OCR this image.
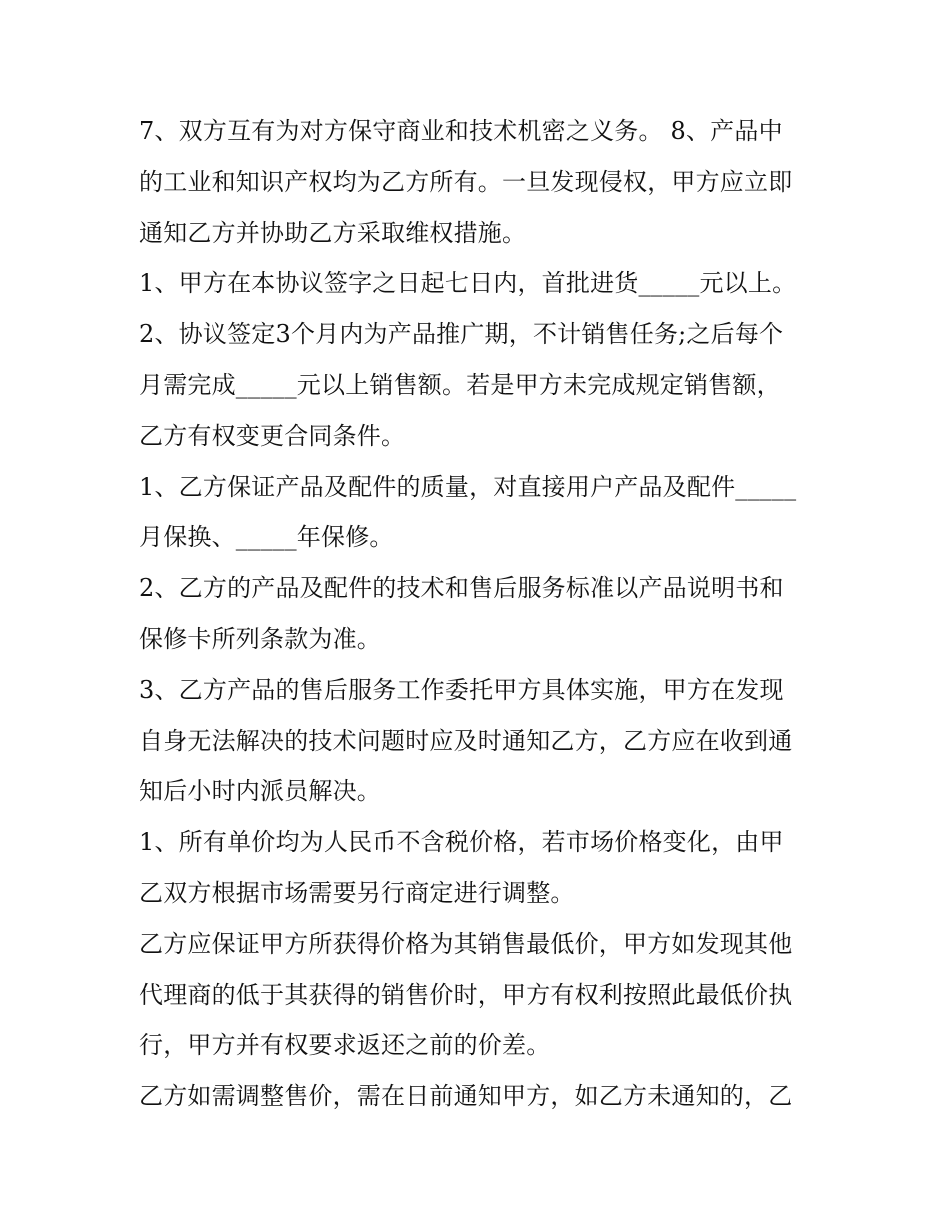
7、双方互有为对方保守商业和技术机密之义务。 8、产品中
的工业和知识产权均为乙方所有。一旦发现侵权，甲方应立即
通知乙方并协助乙方采取维权措施。
1、甲方在本协议签字之日起七日内，首批进货_____元以上。
2、协议签定3个月内为产品推广期，不计销售任务;之后每个
月需完成_____元以上销售额。若是甲方未完成规定销售额，
乙方有权变更合同条件。
1、乙方保证产品及配件的质量，对直接用户产品及配件_____
月保换、_____年保修。
2、乙方的产品及配件的技术和售后服务标准以产品说明书和
保修卡所列条款为准。
3、乙方产品的售后服务工作委托甲方具体实施，甲方在发现
自身无法解决的技术问题时应及时通知乙方，乙方应在收到通
知后小时内派员解决。
1、所有单价均为人民币不含税价格，若市场价格变化，由甲
乙双方根据市场需要另行商定进行调整。
乙方应保证甲方所获得价格为其销售最低价，甲方如发现其他
代理商的低于其获得的销售价时，甲方有权利按照此最低价执
行，甲方并有权要求返还之前的价差。
乙方如需调整售价，需在日前通知甲方，如乙方未通知的，乙
